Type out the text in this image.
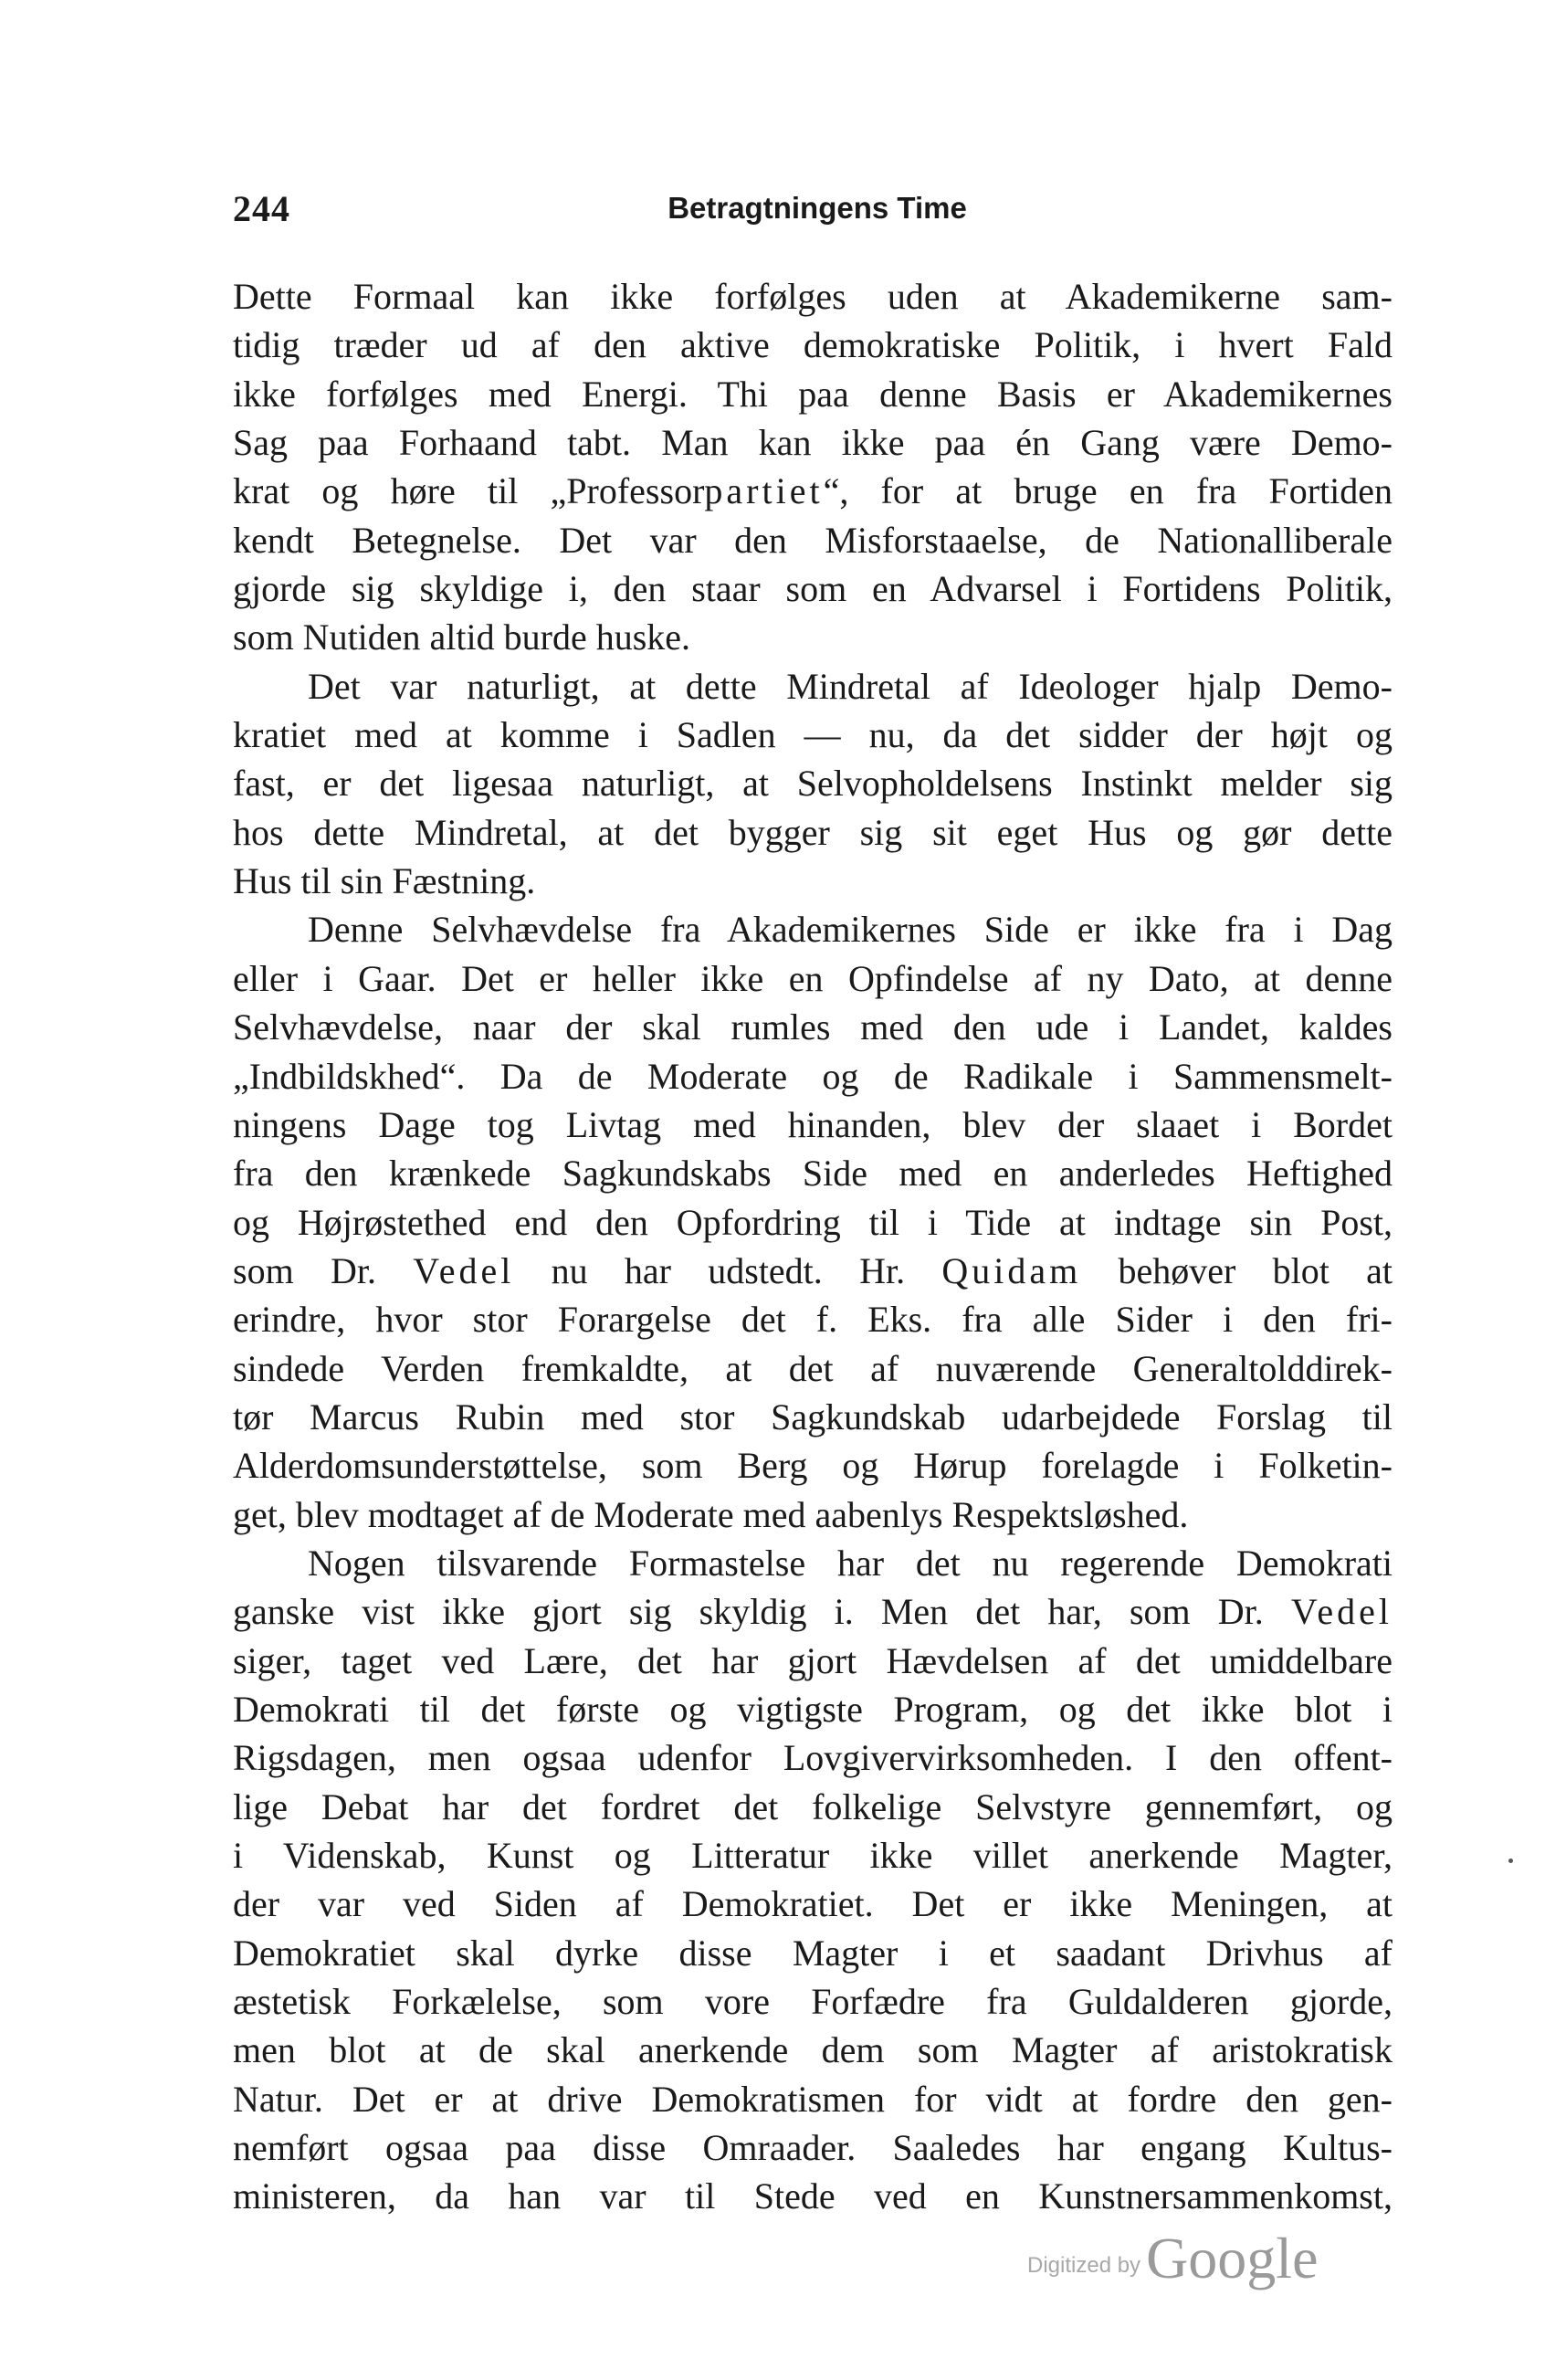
244	Betragtningens Time
Dette Formaal kan ikke forfølges uden at Akademikerne sam-
tidig træder ud af den aktive demokratiske Politik, i hvert Fald
ikke forfølges med Energi. Thi paa denne Basis er Akademikernes
Sag paa Forhaand tabt. Man kan ikke paa én Gang være Demo-
krat og høre til „Professorpartiet“, for at bruge en fra Fortiden
kendt Betegnelse. Det var den Misforstaaelse, de Nationalliberale
gjorde sig skyldige i, den staar som en Advarsel i Fortidens Politik,
som Nutiden altid burde huske.
Det var naturligt, at dette Mindretal af Ideologer hjalp Demo-
kratiet med at komme i Sadlen — nu, da det sidder der højt og
fast, er det ligesaa naturligt, at Selvopholdelsens Instinkt melder sig
hos dette Mindretal, at det bygger sig sit eget Hus og gør dette
Hus til sin Fæstning.
Denne Selvhævdelse fra Akademikernes Side er ikke fra i Dag
eller i Gaar. Det er heller ikke en Opfindelse af ny Dato, at denne
Selvhævdelse, naar der skal rumles med den ude i Landet, kaldes
„Indbildskhed“. Da de Moderate og de Radikale i Sammensmelt-
ningens Dage tog Livtag med hinanden, blev der slaaet i Bordet
fra den krænkede Sagkundskabs Side med en anderledes Heftighed
og Højrøstethed end den Opfordring til i Tide at indtage sin Post,
som Dr. Vedel nu har udstedt. Hr. Quidam behøver blot at
erindre, hvor stor Forargelse det f. Eks. fra alle Sider i den fri-
sindede Verden fremkaldte, at det af nuværende Generaltolddirek-
tør Marcus Rubin med stor Sagkundskab udarbejdede Forslag til
Alderdomsunderstøttelse, som Berg og Hørup forelagde i Folketin-
get, blev modtaget af de Moderate med aabenlys Respektsløshed.
Nogen tilsvarende Formastelse har det nu regerende Demokrati
ganske vist ikke gjort sig skyldig i. Men det har, som Dr. Vedel
siger, taget ved Lære, det har gjort Hævdelsen af det umiddelbare
Demokrati til det første og vigtigste Program, og det ikke blot i
Rigsdagen, men ogsaa udenfor Lovgivervirksomheden. I den offent-
lige Debat har det fordret det folkelige Selvstyre gennemført, og
i Videnskab, Kunst og Litteratur ikke villet anerkende Magter,
der var ved Siden af Demokratiet. Det er ikke Meningen, at
Demokratiet skal dyrke disse Magter i et saadant Drivhus af
æstetisk Forkælelse, som vore Forfædre fra Guldalderen gjorde,
men blot at de skal anerkende dem som Magter af aristokratisk
Natur. Det er at drive Demokratismen for vidt at fordre den gen-
nemført ogsaa paa disse Omraader. Saaledes har engang Kultus-
ministeren, da han var til Stede ved en Kunstnersammenkomst,
Digitized by Google
